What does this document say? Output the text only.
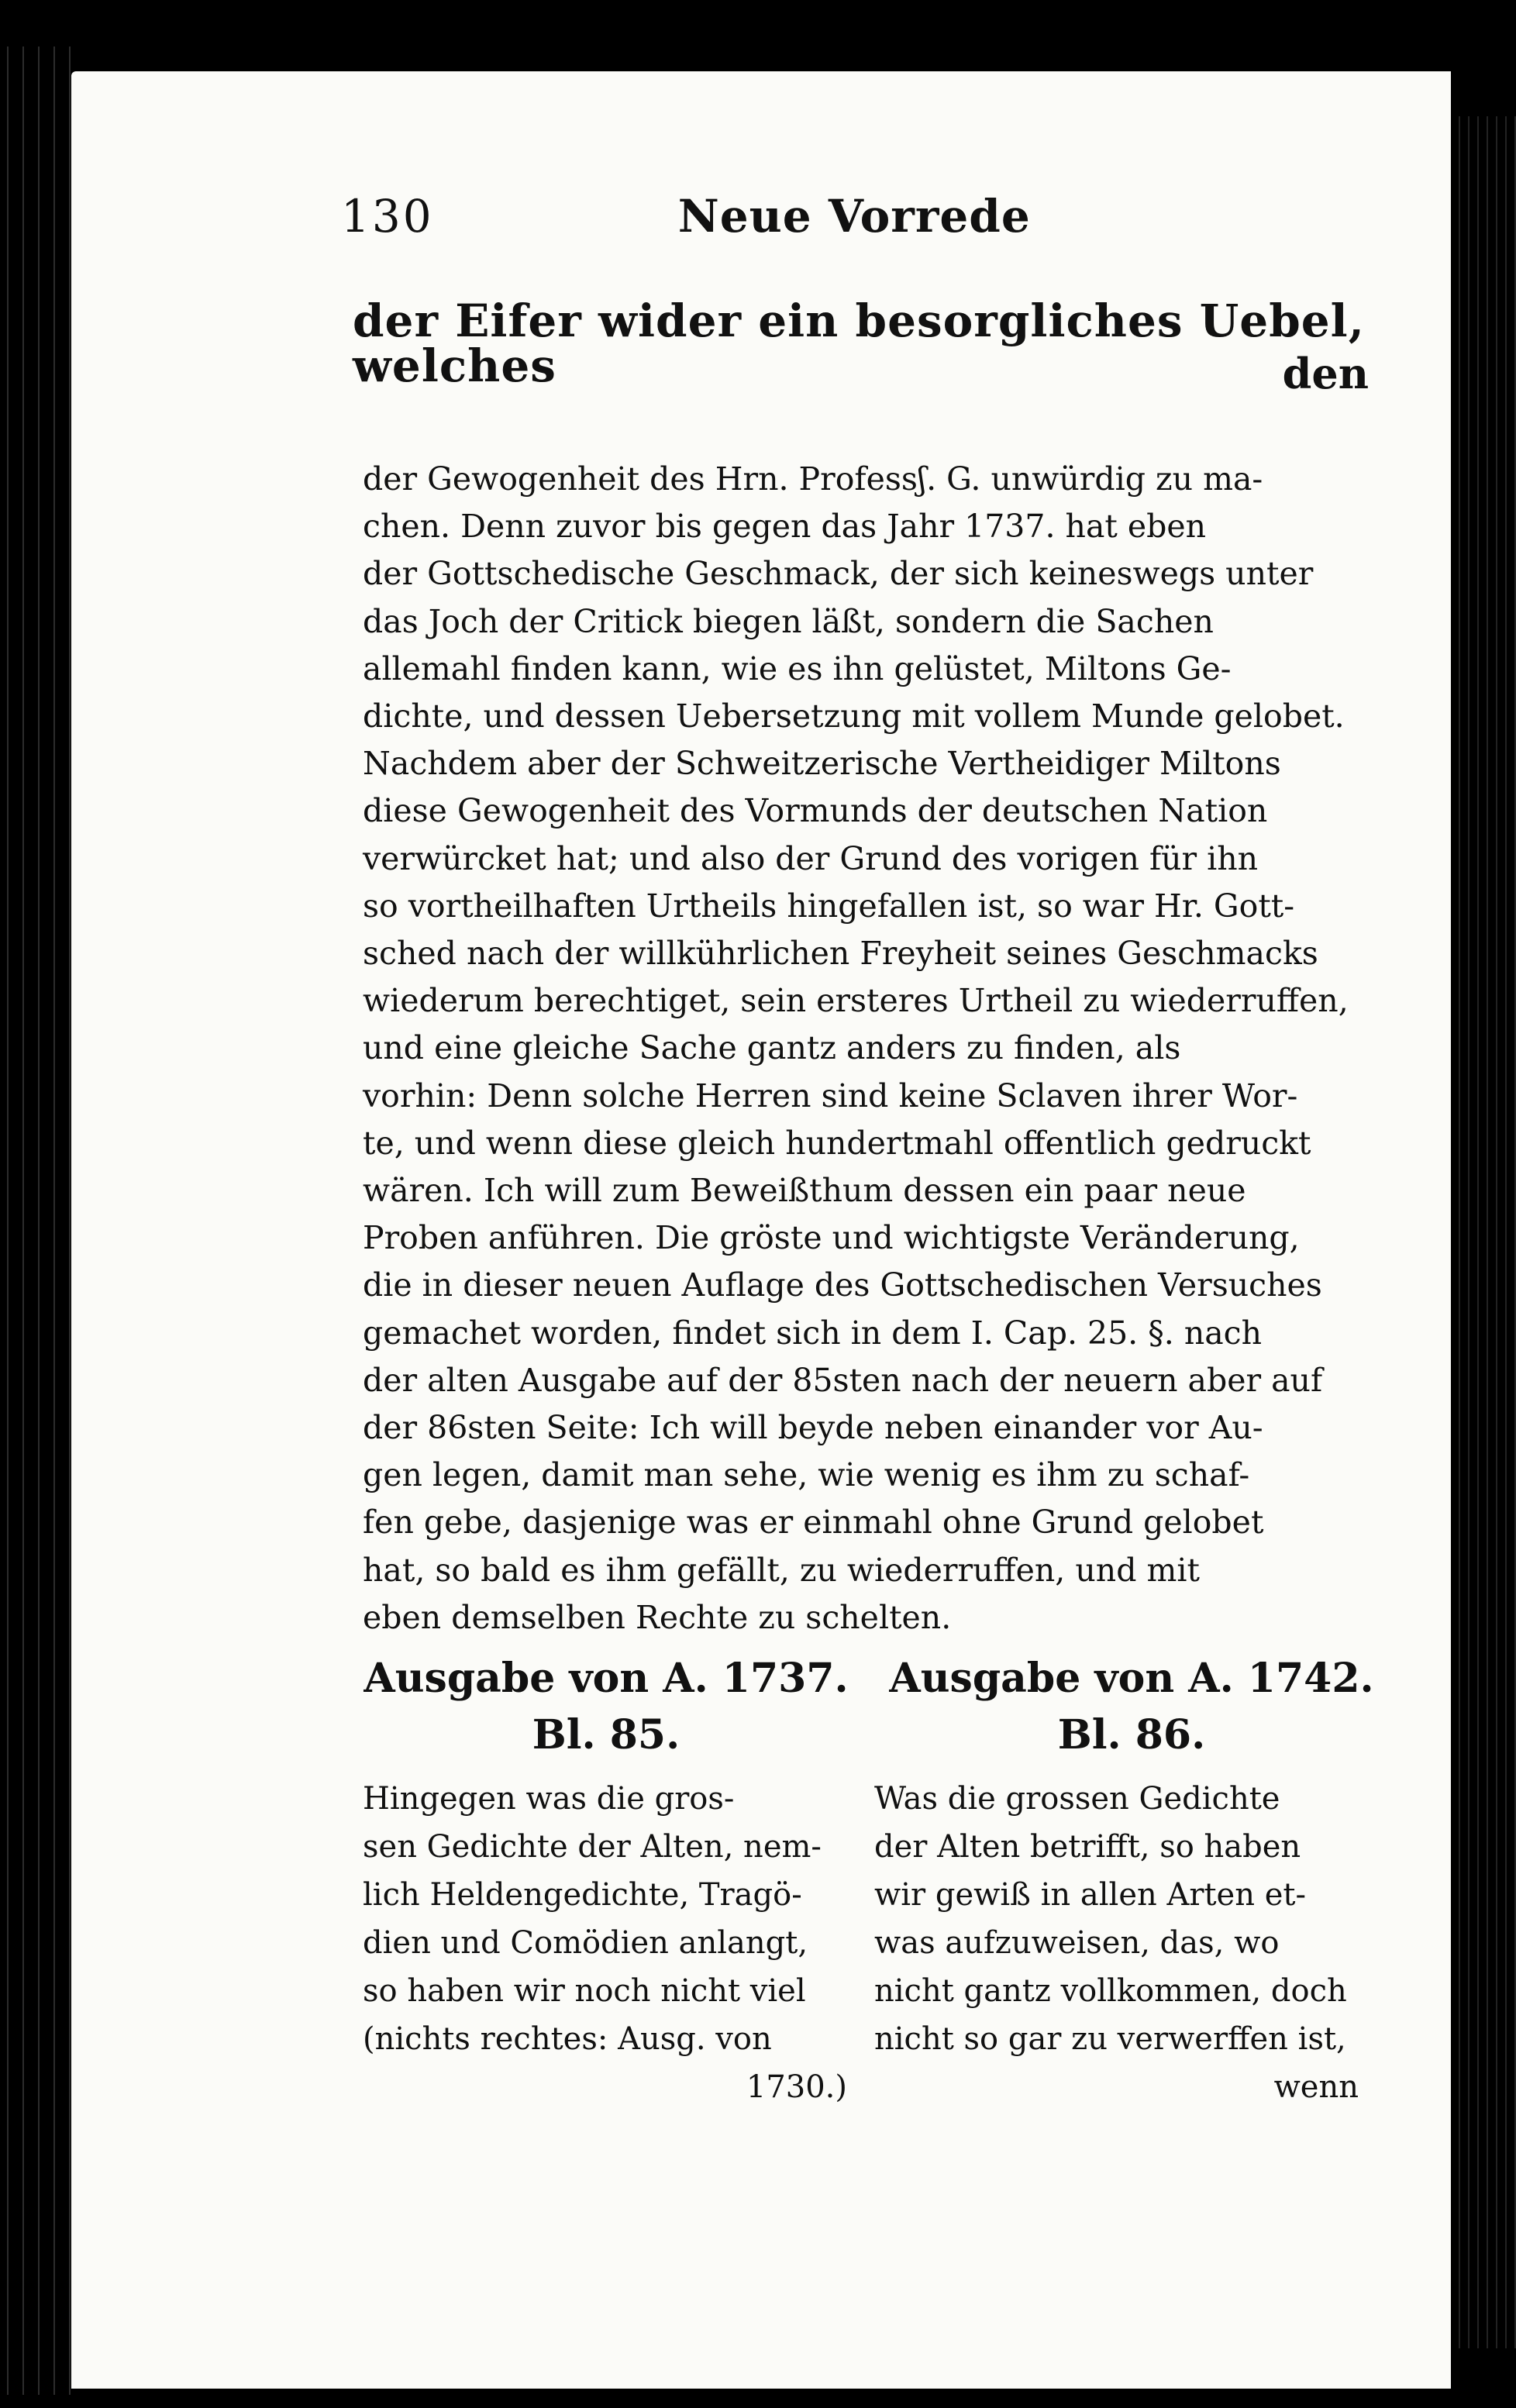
130	Neue Vorrede
der Eifer wider ein besorgliches Uebel, welches	den
der Gewogenheit des Hrn. Professʃ. G. unwürdig zu ma-
chen. Denn zuvor bis gegen das Jahr 1737. hat eben
der Gottschedische Geschmack, der sich keineswegs unter
das Joch der Critick biegen läßt, sondern die Sachen
allemahl finden kann, wie es ihn gelüstet, Miltons Ge-
dichte, und dessen Uebersetzung mit vollem Munde gelobet.
Nachdem aber der Schweitzerische Vertheidiger Miltons
diese Gewogenheit des Vormunds der deutschen Nation
verwürcket hat; und also der Grund des vorigen für ihn
so vortheilhaften Urtheils hingefallen ist, so war Hr. Gott-
sched nach der willkührlichen Freyheit seines Geschmacks
wiederum berechtiget, sein ersteres Urtheil zu wiederruffen,
und eine gleiche Sache gantz anders zu finden, als
vorhin: Denn solche Herren sind keine Sclaven ihrer Wor-
te, und wenn diese gleich hundertmahl offentlich gedruckt
wären. Ich will zum Beweißthum dessen ein paar neue
Proben anführen. Die gröste und wichtigste Veränderung,
die in dieser neuen Auflage des Gottschedischen Versuches
gemachet worden, findet sich in dem I. Cap. 25. §. nach
der alten Ausgabe auf der 85sten nach der neuern aber auf
der 86sten Seite: Ich will beyde neben einander vor Au-
gen legen, damit man sehe, wie wenig es ihm zu schaf-
fen gebe, dasjenige was er einmahl ohne Grund gelobet
hat, so bald es ihm gefällt, zu wiederruffen, und mit
eben demselben Rechte zu schelten.
Ausgabe von A. 1737.
Bl. 85.
Ausgabe von A. 1742.
Bl. 86.
Hingegen was die gros-
sen Gedichte der Alten, nem-
lich Heldengedichte, Tragö-
dien und Comödien anlangt,
so haben wir noch nicht viel
(nichts rechtes: Ausg. von
1730.)
Was die grossen Gedichte
der Alten betrifft, so haben
wir gewiß in allen Arten et-
was aufzuweisen, das, wo
nicht gantz vollkommen, doch
nicht so gar zu verwerffen ist,
wenn
